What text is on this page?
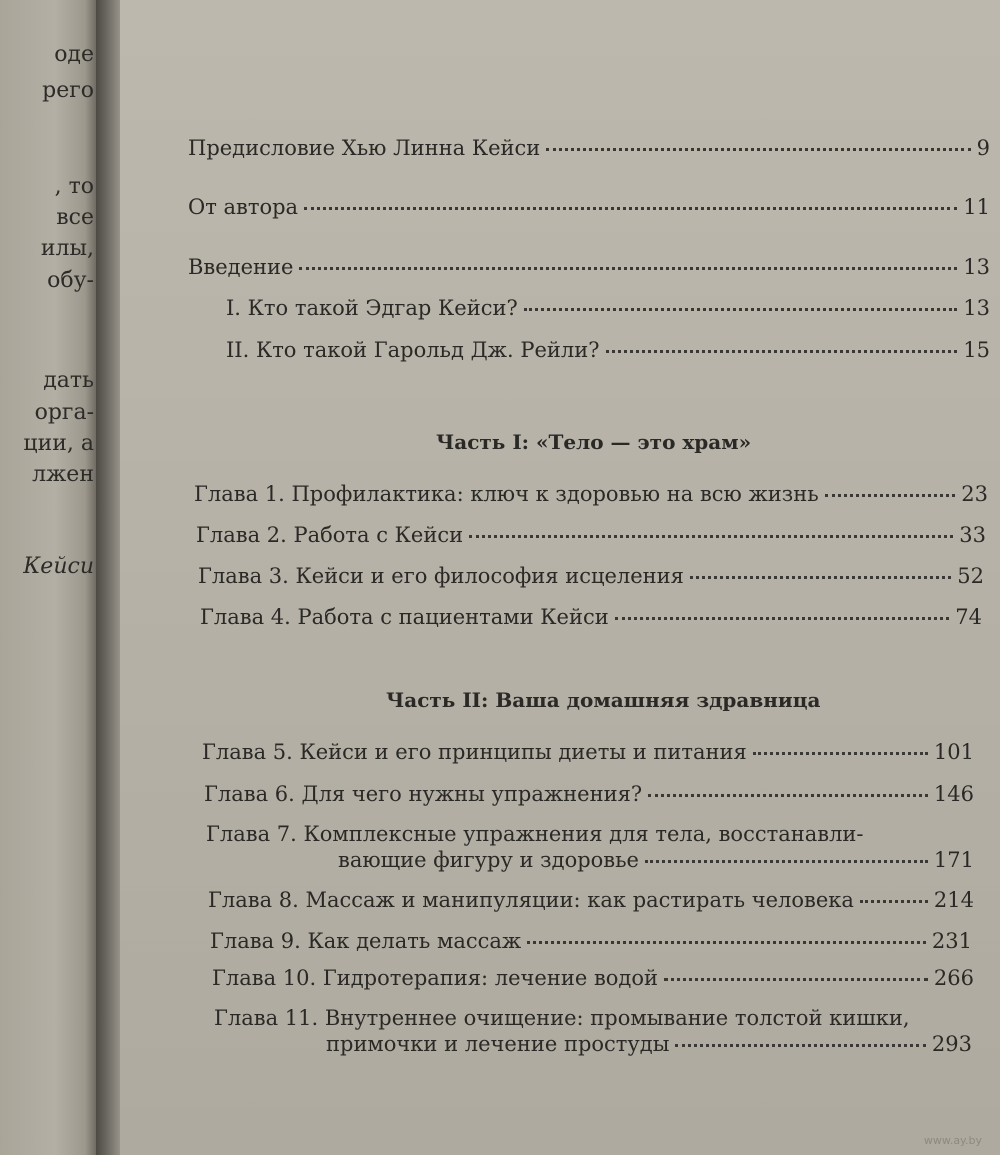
оде
рего
, то
все
илы,
обу-
дать
орга-
ции, а
лжен
Кейси
Предисловие Хью Линна Кейси	9
От автора	11
Введение	13
I. Кто такой Эдгар Кейси?	13
II. Кто такой Гарольд Дж. Рейли?	15
Часть I: «Тело — это храм»
Глава 1. Профилактика: ключ к здоровью на всю жизнь	23
Глава 2. Работа с Кейси	33
Глава 3. Кейси и его философия исцеления	52
Глава 4. Работа с пациентами Кейси	74
Часть II: Ваша домашняя здравница
Глава 5. Кейси и его принципы диеты и питания	101
Глава 6. Для чего нужны упражнения?	146
Глава 7. Комплексные упражнения для тела, восстанавли-
вающие фигуру и здоровье	171
Глава 8. Массаж и манипуляции: как растирать человека	214
Глава 9. Как делать массаж	231
Глава 10. Гидротерапия: лечение водой	266
Глава 11. Внутреннее очищение: промывание толстой кишки,
примочки и лечение простуды	293
www.ay.by
